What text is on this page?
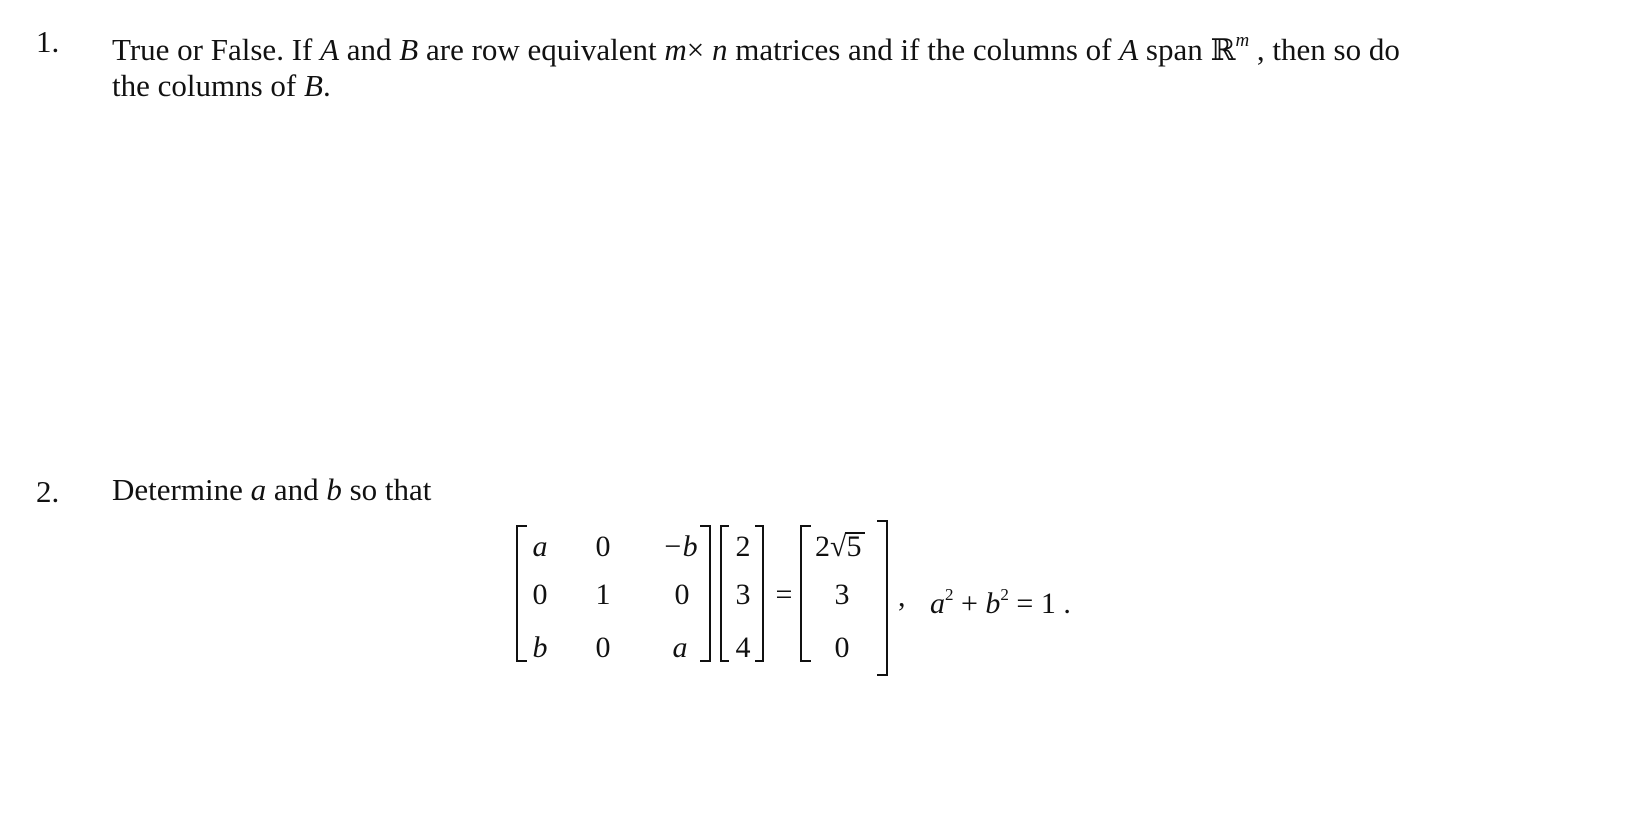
1. True or False. If A and B are row equivalent m× n matrices and if the columns of A span ℝ$^m$ , then so do
the columns of B.
2. Determine a and b so that
a	0	−b
0	1	0
b	0	a
2
3
4
=
2√5
3
0
, $a^2 + b^2 = 1$ .
